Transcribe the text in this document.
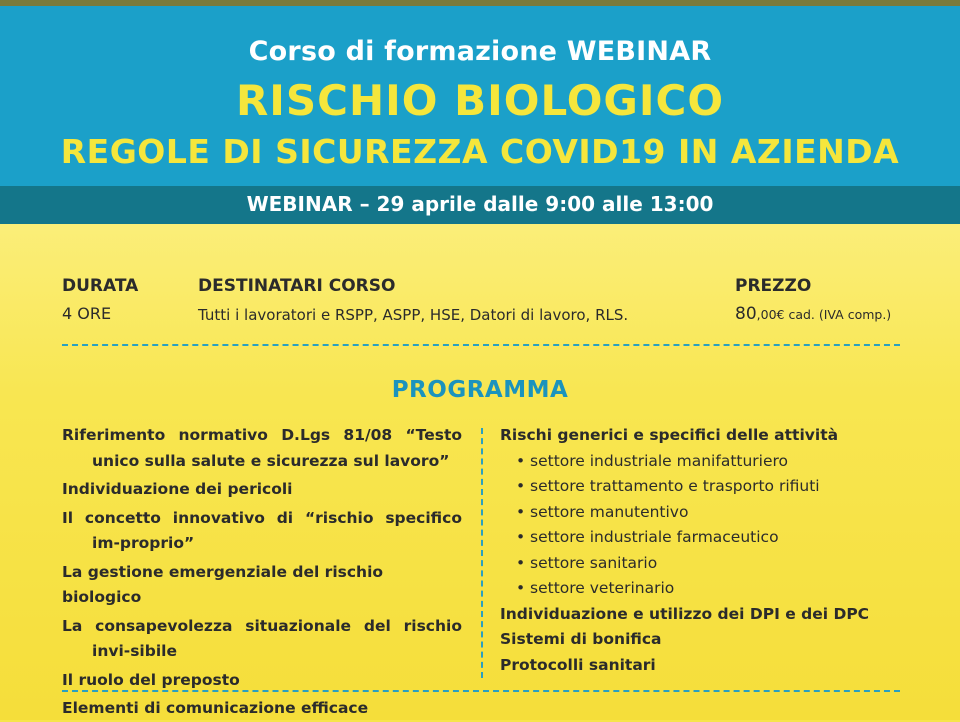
Corso di formazione WEBINAR
RISCHIO BIOLOGICO
REGOLE DI SICUREZZA COVID19 IN AZIENDA
WEBINAR – 29 aprile dalle 9:00 alle 13:00
DURATA
4 ORE
DESTINATARI CORSO
Tutti i lavoratori e RSPP, ASPP, HSE, Datori di lavoro, RLS.
PREZZO
80,00€ cad. (IVA comp.)
PROGRAMMA
Riferimento normativo D.Lgs 81/08 “Testo unico sulla salute e sicurezza sul lavoro”
Individuazione dei pericoli
Il concetto innovativo di “rischio specifico im-proprio”
La gestione emergenziale del rischio biologico
La consapevolezza situazionale del rischio invi-sibile
Il ruolo del preposto
Elementi di comunicazione efficace
Rischi generici e specifici delle attività
• settore industriale manifatturiero
• settore trattamento e trasporto rifiuti
• settore manutentivo
• settore industriale farmaceutico
• settore sanitario
• settore veterinario
Individuazione e utilizzo dei DPI e dei DPC
Sistemi di bonifica
Protocolli sanitari
